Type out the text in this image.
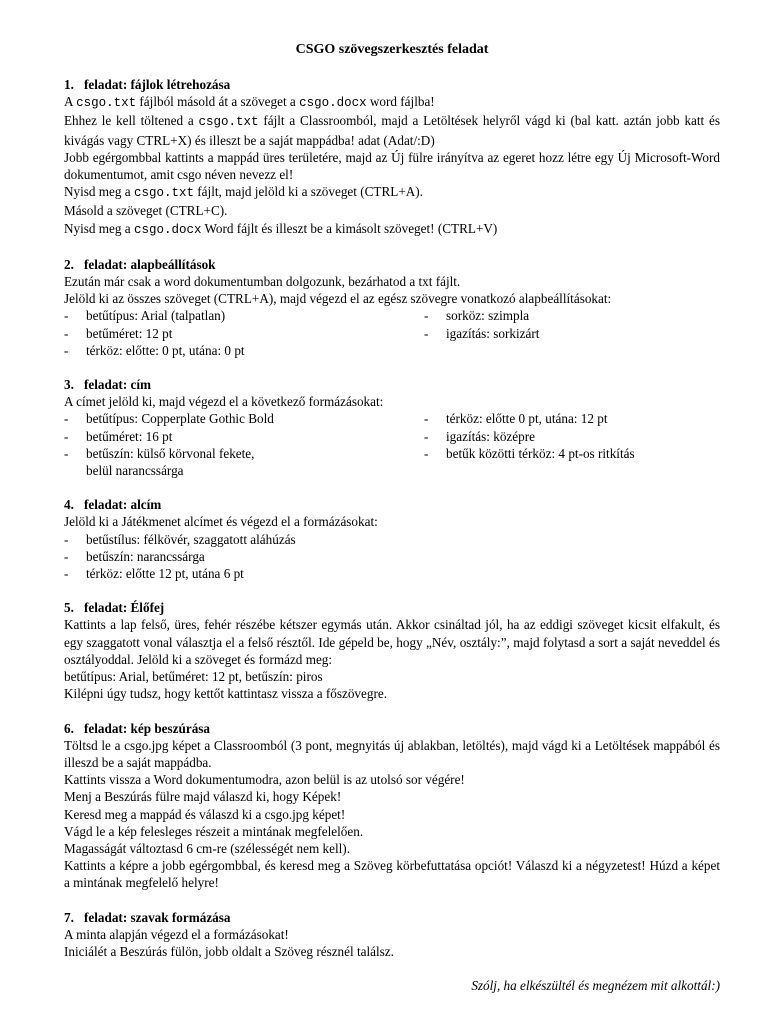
CSGO szövegszerkesztés feladat
1. feladat: fájlok létrehozása

A csgo.txt fájlból másold át a szöveget a csgo.docx word fájlba!

Ehhez le kell töltened a csgo.txt fájlt a Classroomból, majd a Letöltések helyről vágd ki (bal katt. aztán jobb katt és kivágás vagy CTRL+X) és illeszt be a saját mappádba! adat (Adat/:D)

Jobb egérgombbal kattints a mappád üres területére, majd az Új fülre irányítva az egeret hozz létre egy Új Microsoft-Word dokumentumot, amit csgo néven nevezz el!

Nyisd meg a csgo.txt fájlt, majd jelöld ki a szöveget (CTRL+A).

Másold a szöveget (CTRL+C).

Nyisd meg a csgo.docx Word fájlt és illeszt be a kimásolt szöveget! (CTRL+V)

2. feladat: alapbeállítások

Ezután már csak a word dokumentumban dolgozunk, bezárhatod a txt fájlt.

Jelöld ki az összes szöveget (CTRL+A), majd végezd el az egész szövegre vonatkozó alapbeállításokat:

- betűtípus: Arial (talpatlan)
- betűméret: 12 pt
- térköz: előtte: 0 pt, utána: 0 pt
- sorköz: szimpla
- igazítás: sorkizárt
3. feladat: cím

A címet jelöld ki, majd végezd el a következő formázásokat:

- betűtípus: Copperplate Gothic Bold
- betűméret: 16 pt
- betűszín: külső körvonal fekete,
belül narancssárga
- térköz: előtte 0 pt, utána: 12 pt
- igazítás: középre
- betűk közötti térköz: 4 pt-os ritkítás
4. feladat: alcím

Jelöld ki a Játékmenet alcímet és végezd el a formázásokat:

- betűstílus: félkövér, szaggatott aláhúzás
- betűszín: narancssárga
- térköz: előtte 12 pt, utána 6 pt
5. feladat: Élőfej

Kattints a lap felső, üres, fehér részébe kétszer egymás után. Akkor csináltad jól, ha az eddigi szöveget kicsit elfakult, és egy szaggatott vonal választja el a felső résztől. Ide gépeld be, hogy „Név, osztály:”, majd folytasd a sort a saját neveddel és osztályoddal. Jelöld ki a szöveget és formázd meg:

betűtípus: Arial, betűméret: 12 pt, betűszín: piros

Kilépni úgy tudsz, hogy kettőt kattintasz vissza a főszövegre.

6. feladat: kép beszúrása

Töltsd le a csgo.jpg képet a Classroomból (3 pont, megnyitás új ablakban, letöltés), majd vágd ki a Letöltések mappából és illeszd be a saját mappádba.

Kattints vissza a Word dokumentumodra, azon belül is az utolsó sor végére!

Menj a Beszúrás fülre majd válaszd ki, hogy Képek!

Keresd meg a mappád és válaszd ki a csgo.jpg képet!

Vágd le a kép felesleges részeit a mintának megfelelően.

Magasságát változtasd 6 cm-re (szélességét nem kell).

Kattints a képre a jobb egérgombbal, és keresd meg a Szöveg körbefuttatása opciót! Válaszd ki a négyzetest! Húzd a képet a mintának megfelelő helyre!

7. feladat: szavak formázása

A minta alapján végezd el a formázásokat!

Iniciálét a Beszúrás fülön, jobb oldalt a Szöveg résznél találsz.

Szólj, ha elkészültél és megnézem mit alkottál:)
